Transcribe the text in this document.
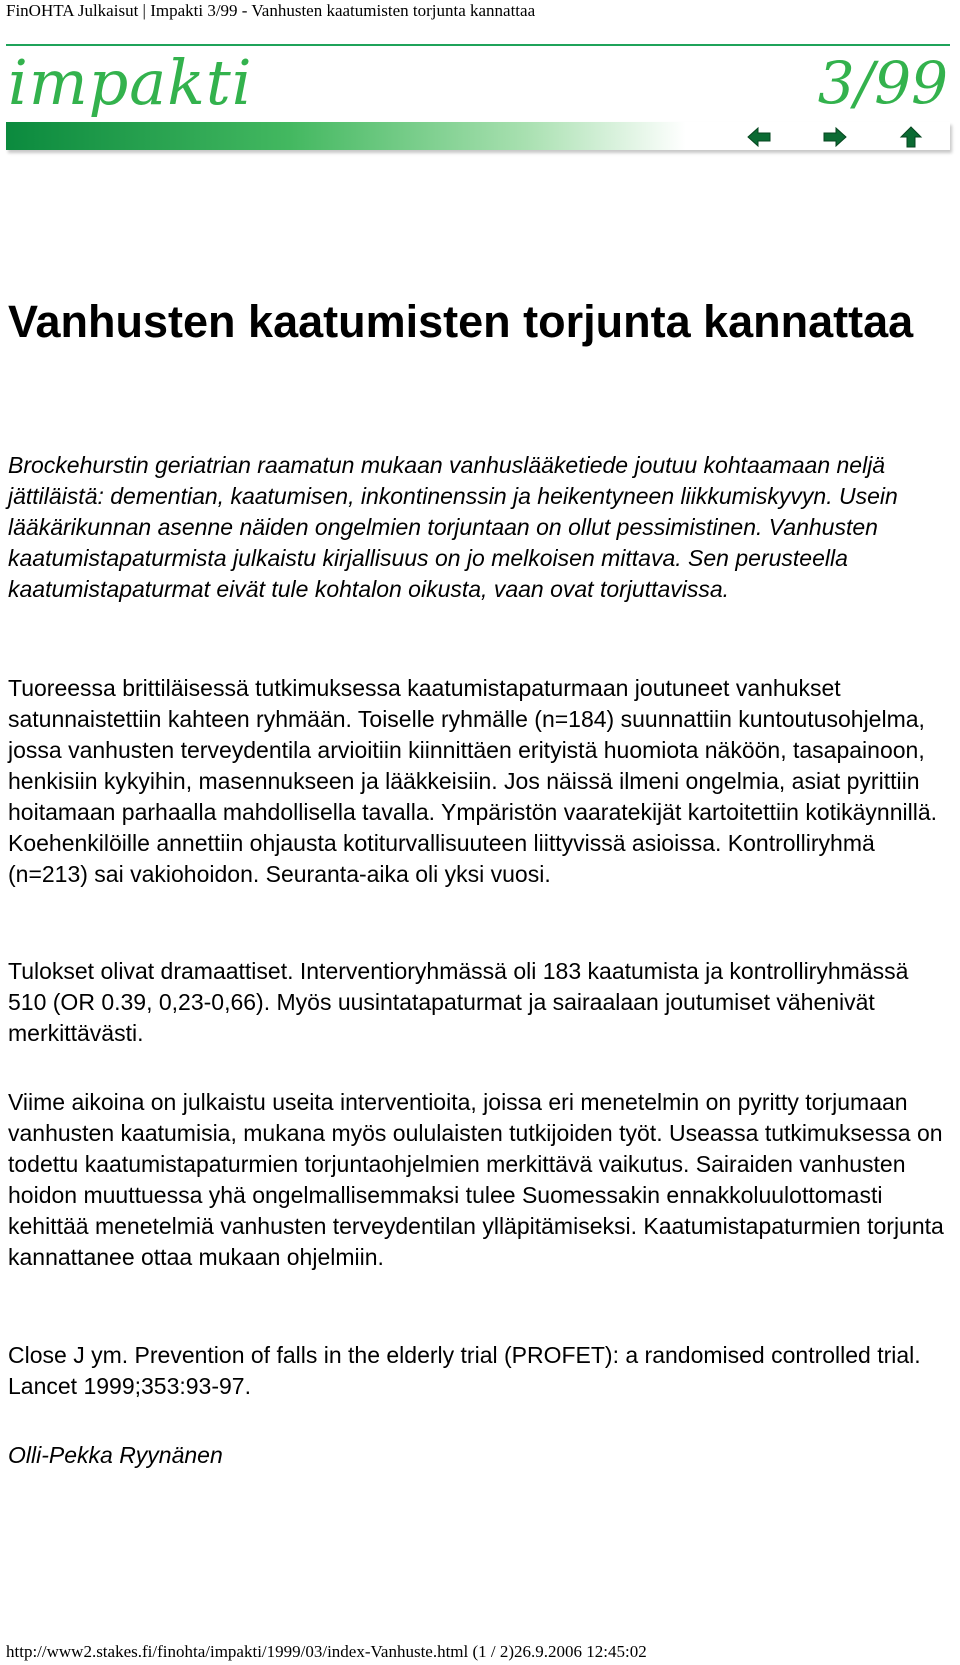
FinOHTA Julkaisut | Impakti 3/99 - Vanhusten kaatumisten torjunta kannattaa
impakti	3/99
Vanhusten kaatumisten torjunta kannattaa

Brockehurstin geriatrian raamatun mukaan vanhuslääketiede joutuu kohtaamaan neljä jättiläistä: dementian, kaatumisen, inkontinenssin ja heikentyneen liikkumiskyvyn. Usein lääkärikunnan asenne näiden ongelmien torjuntaan on ollut pessimistinen. Vanhusten kaatumistapaturmista julkaistu kirjallisuus on jo melkoisen mittava. Sen perusteella kaatumistapaturmat eivät tule kohtalon oikusta, vaan ovat torjuttavissa.

Tuoreessa brittiläisessä tutkimuksessa kaatumistapaturmaan joutuneet vanhukset satunnaistettiin kahteen ryhmään. Toiselle ryhmälle (n=184) suunnattiin kuntoutusohjelma, jossa vanhusten terveydentila arvioitiin kiinnittäen erityistä huomiota näköön, tasapainoon, henkisiin kykyihin, masennukseen ja lääkkeisiin. Jos näissä ilmeni ongelmia, asiat pyrittiin hoitamaan parhaalla mahdollisella tavalla. Ympäristön vaaratekijät kartoitettiin kotikäynnillä. Koehenkilöille annettiin ohjausta kotiturvallisuuteen liittyvissä asioissa. Kontrolliryhmä (n=213) sai vakiohoidon. Seuranta-aika oli yksi vuosi.

Tulokset olivat dramaattiset. Interventioryhmässä oli 183 kaatumista ja kontrolliryhmässä 510 (OR 0.39, 0,23-0,66). Myös uusintatapaturmat ja sairaalaan joutumiset vähenivät merkittävästi.

Viime aikoina on julkaistu useita interventioita, joissa eri menetelmin on pyritty torjumaan vanhusten kaatumisia, mukana myös oululaisten tutkijoiden työt. Useassa tutkimuksessa on todettu kaatumistapaturmien torjuntaohjelmien merkittävä vaikutus. Sairaiden vanhusten hoidon muuttuessa yhä ongelmallisemmaksi tulee Suomessakin ennakkoluulottomasti kehittää menetelmiä vanhusten terveydentilan ylläpitämiseksi. Kaatumistapaturmien torjunta kannattanee ottaa mukaan ohjelmiin.

Close J ym. Prevention of falls in the elderly trial (PROFET): a randomised controlled trial. Lancet 1999;353:93-97.

Olli-Pekka Ryynänen

http://www2.stakes.fi/finohta/impakti/1999/03/index-Vanhuste.html (1 / 2)26.9.2006 12:45:02
